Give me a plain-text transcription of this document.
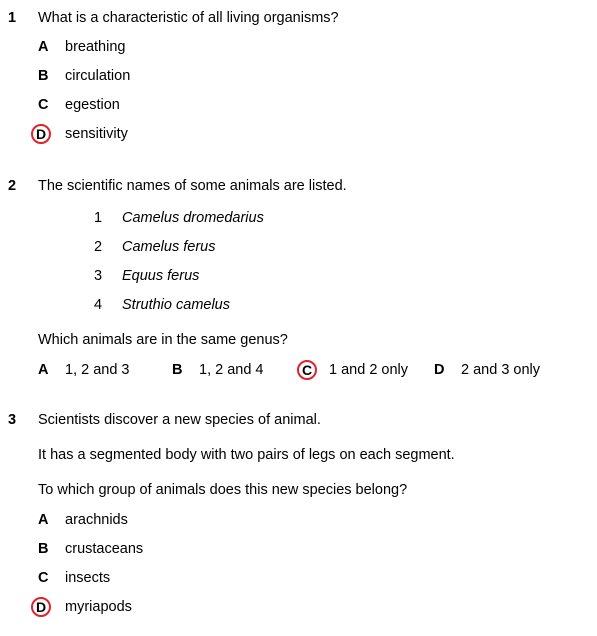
1 What is a characteristic of all living organisms?
A breathing
B circulation
C egestion
D	sensitivity
2 The scientific names of some animals are listed.
1 Camelus dromedarius
2 Camelus ferus
3 Equus ferus
4 Struthio camelus
Which animals are in the same genus?
A 1, 2 and 3	B 1, 2 and 4	C	1 and 2 only D 2 and 3 only
3 Scientists discover a new species of animal.
It has a segmented body with two pairs of legs on each segment.
To which group of animals does this new species belong?
A arachnids
B crustaceans
C insects
D	myriapods
